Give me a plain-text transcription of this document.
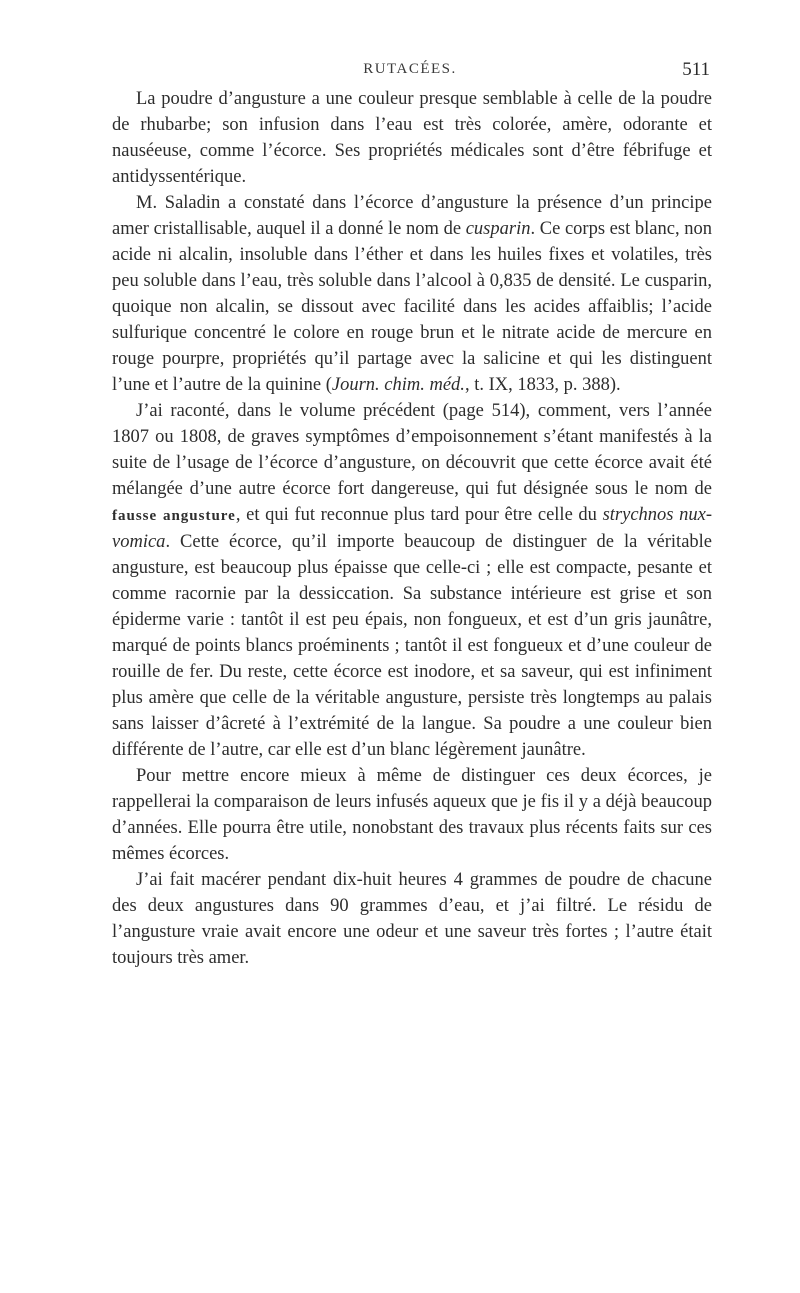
RUTACÉES.	511

La poudre d’angusture a une couleur presque semblable à celle de la poudre de rhubarbe; son infusion dans l’eau est très colorée, amère, odorante et nauséeuse, comme l’écorce. Ses propriétés médicales sont d’être fébrifuge et antidyssentérique.

M. Saladin a constaté dans l’écorce d’angusture la présence d’un principe amer cristallisable, auquel il a donné le nom de cusparin. Ce corps est blanc, non acide ni alcalin, insoluble dans l’éther et dans les huiles fixes et volatiles, très peu soluble dans l’eau, très soluble dans l’alcool à 0,835 de densité. Le cusparin, quoique non alcalin, se dissout avec facilité dans les acides affaiblis; l’acide sulfurique concentré le colore en rouge brun et le nitrate acide de mercure en rouge pourpre, propriétés qu’il partage avec la salicine et qui les distinguent l’une et l’autre de la quinine (Journ. chim. méd., t. IX, 1833, p. 388).

J’ai raconté, dans le volume précédent (page 514), comment, vers l’année 1807 ou 1808, de graves symptômes d’empoisonnement s’étant manifestés à la suite de l’usage de l’écorce d’angusture, on découvrit que cette écorce avait été mélangée d’une autre écorce fort dangereuse, qui fut désignée sous le nom de fausse angusture, et qui fut reconnue plus tard pour être celle du strychnos nux-vomica. Cette écorce, qu’il importe beaucoup de distinguer de la véritable angusture, est beaucoup plus épaisse que celle-ci ; elle est compacte, pesante et comme racornie par la dessiccation. Sa substance intérieure est grise et son épiderme varie : tantôt il est peu épais, non fongueux, et est d’un gris jaunâtre, marqué de points blancs proéminents ; tantôt il est fongueux et d’une couleur de rouille de fer. Du reste, cette écorce est inodore, et sa saveur, qui est infiniment plus amère que celle de la véritable angusture, persiste très longtemps au palais sans laisser d’âcreté à l’extrémité de la langue. Sa poudre a une couleur bien différente de l’autre, car elle est d’un blanc légèrement jaunâtre.

Pour mettre encore mieux à même de distinguer ces deux écorces, je rappellerai la comparaison de leurs infusés aqueux que je fis il y a déjà beaucoup d’années. Elle pourra être utile, nonobstant des travaux plus récents faits sur ces mêmes écorces.

J’ai fait macérer pendant dix-huit heures 4 grammes de poudre de chacune des deux angustures dans 90 grammes d’eau, et j’ai filtré. Le résidu de l’angusture vraie avait encore une odeur et une saveur très fortes ; l’autre était toujours très amer.
